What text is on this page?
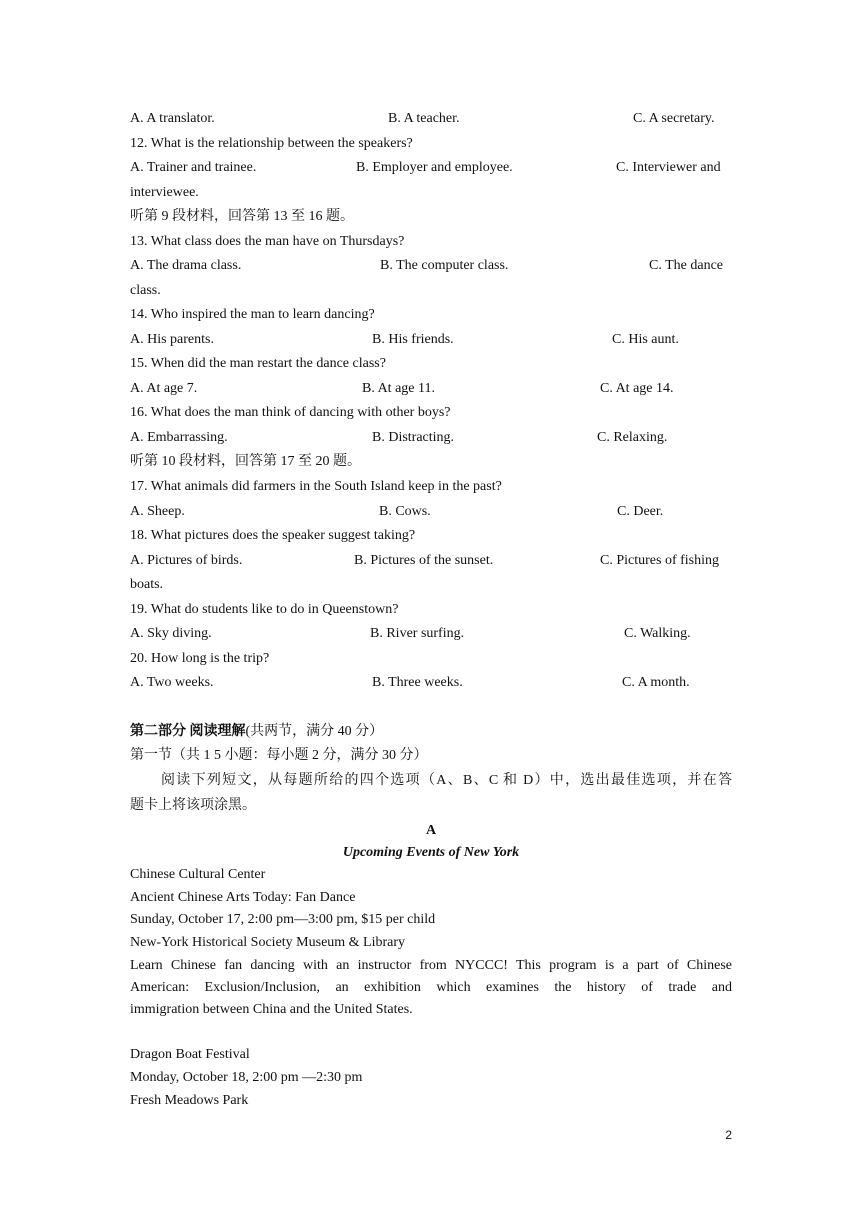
A. A translator.	B. A teacher.	C. A secretary.
12. What is the relationship between the speakers?
A. Trainer and trainee.	B. Employer and employee.	C. Interviewer and
interviewee.
听第 9 段材料，回答第 13 至 16 题。
13. What class does the man have on Thursdays?
A. The drama class.	B. The computer class.	C. The dance
class.
14. Who inspired the man to learn dancing?
A. His parents.	B. His friends.	C. His aunt.
15. When did the man restart the dance class?
A. At age 7.	B. At age 11.	C. At age 14.
16. What does the man think of dancing with other boys?
A. Embarrassing.	B. Distracting.	C. Relaxing.
听第 10 段材料，回答第 17 至 20 题。
17. What animals did farmers in the South Island keep in the past?
A. Sheep.	B. Cows.	C. Deer.
18. What pictures does the speaker suggest taking?
A. Pictures of birds.	B. Pictures of the sunset.	C. Pictures of fishing
boats.
19. What do students like to do in Queenstown?
A. Sky diving.	B. River surfing.	C. Walking.
20. How long is the trip?
A. Two weeks.	B. Three weeks.	C. A month.
第二部分 阅读理解(共两节，满分 40 分）
第一节（共 1 5 小题：每小题 2 分，满分 30 分）
阅读下列短文，从每题所给的四个选项（A、B、C 和 D）中，选出最佳选项，并在答
题卡上将该项涂黑。
A
Upcoming Events of New York
Chinese Cultural Center
Ancient Chinese Arts Today: Fan Dance
Sunday, October 17, 2:00 pm—3:00 pm, $15 per child
New-York Historical Society Museum & Library
Learn Chinese fan dancing with an instructor from NYCCC! This program is a part of Chinese
American: Exclusion/Inclusion, an exhibition which examines the history of trade and
immigration between China and the United States.
Dragon Boat Festival
Monday, October 18, 2:00 pm —2:30 pm
Fresh Meadows Park
2
